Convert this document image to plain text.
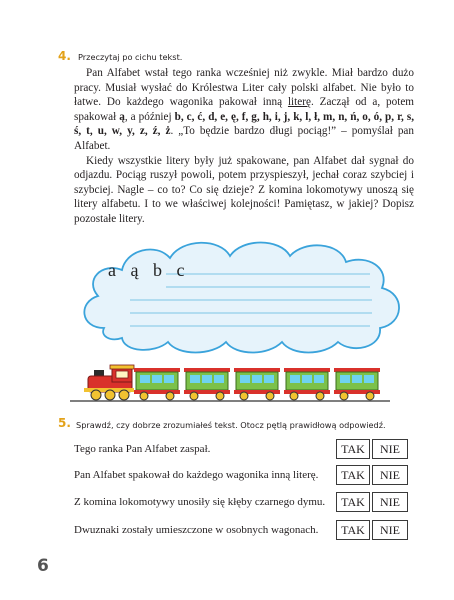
4. Przeczytaj po cichu tekst.

Pan Alfabet wstał tego ranka wcześniej niż zwykle. Miał bardzo dużo pracy. Musiał wysłać do Królestwa Liter cały polski alfabet. Nie było to łatwe. Do każdego wagonika pakował inną literę. Zaczął od a, potem spakował ą, a później b, c, ć, d, e, ę, f, g, h, i, j, k, l, ł, m, n, ń, o, ó, p, r, s, ś, t, u, w, y, z, ź, ż. „To będzie bardzo długi pociąg!” – pomyślał pan Alfabet.

Kiedy wszystkie litery były już spakowane, pan Alfabet dał sygnał do odjazdu. Pociąg ruszył powoli, potem przyspieszył, jechał coraz szybciej i szybciej. Nagle – co to? Co się dzieje? Z komina lokomotywy unoszą się litery alfabetu. I to we właściwej kolejności! Pamiętasz, w jakiej? Dopisz pozostałe litery.

a ą b c
5. Sprawdź, czy dobrze zrozumiałeś tekst. Otocz pętlą prawidłową odpowiedź.
Tego ranka Pan Alfabet zaspał.	TAK	NIE
Pan Alfabet spakował do każdego wagonika inną literę.	TAK	NIE
Z komina lokomotywy unosiły się kłęby czarnego dymu.	TAK	NIE
Dwuznaki zostały umieszczone w osobnych wagonach.	TAK	NIE
6
